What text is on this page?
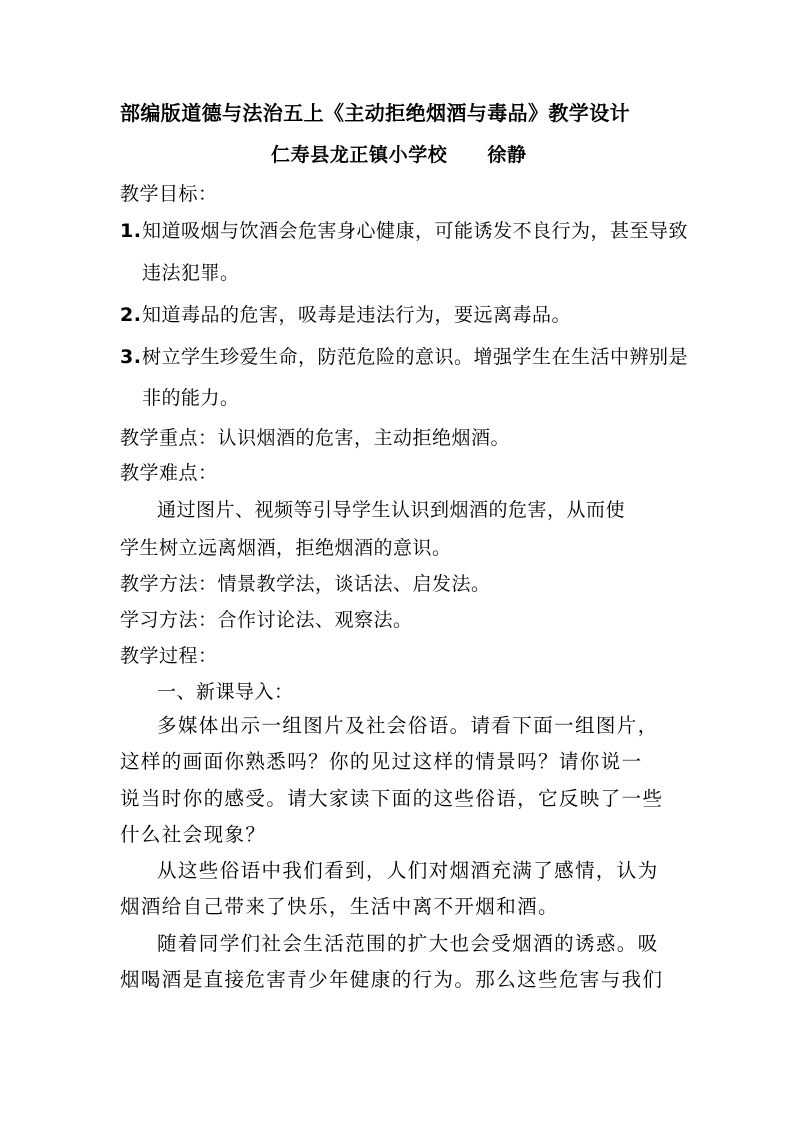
部编版道德与法治五上《主动拒绝烟酒与毒品》教学设计
仁寿县龙正镇小学校 徐静
教学目标：
1.知道吸烟与饮酒会危害身心健康，可能诱发不良行为，甚至导致
违法犯罪。
2.知道毒品的危害，吸毒是违法行为，要远离毒品。
3.树立学生珍爱生命，防范危险的意识。增强学生在生活中辨别是
非的能力。
教学重点：认识烟酒的危害，主动拒绝烟酒。
教学难点：
通过图片、视频等引导学生认识到烟酒的危害，从而使
学生树立远离烟酒，拒绝烟酒的意识。
教学方法：情景教学法，谈话法、启发法。
学习方法：合作讨论法、观察法。
教学过程：
一、新课导入：
多媒体出示一组图片及社会俗语。请看下面一组图片，
这样的画面你熟悉吗？你的见过这样的情景吗？请你说一
说当时你的感受。请大家读下面的这些俗语，它反映了一些
什么社会现象？
从这些俗语中我们看到，人们对烟酒充满了感情，认为
烟酒给自己带来了快乐，生活中离不开烟和酒。
随着同学们社会生活范围的扩大也会受烟酒的诱惑。吸
烟喝酒是直接危害青少年健康的行为。那么这些危害与我们
